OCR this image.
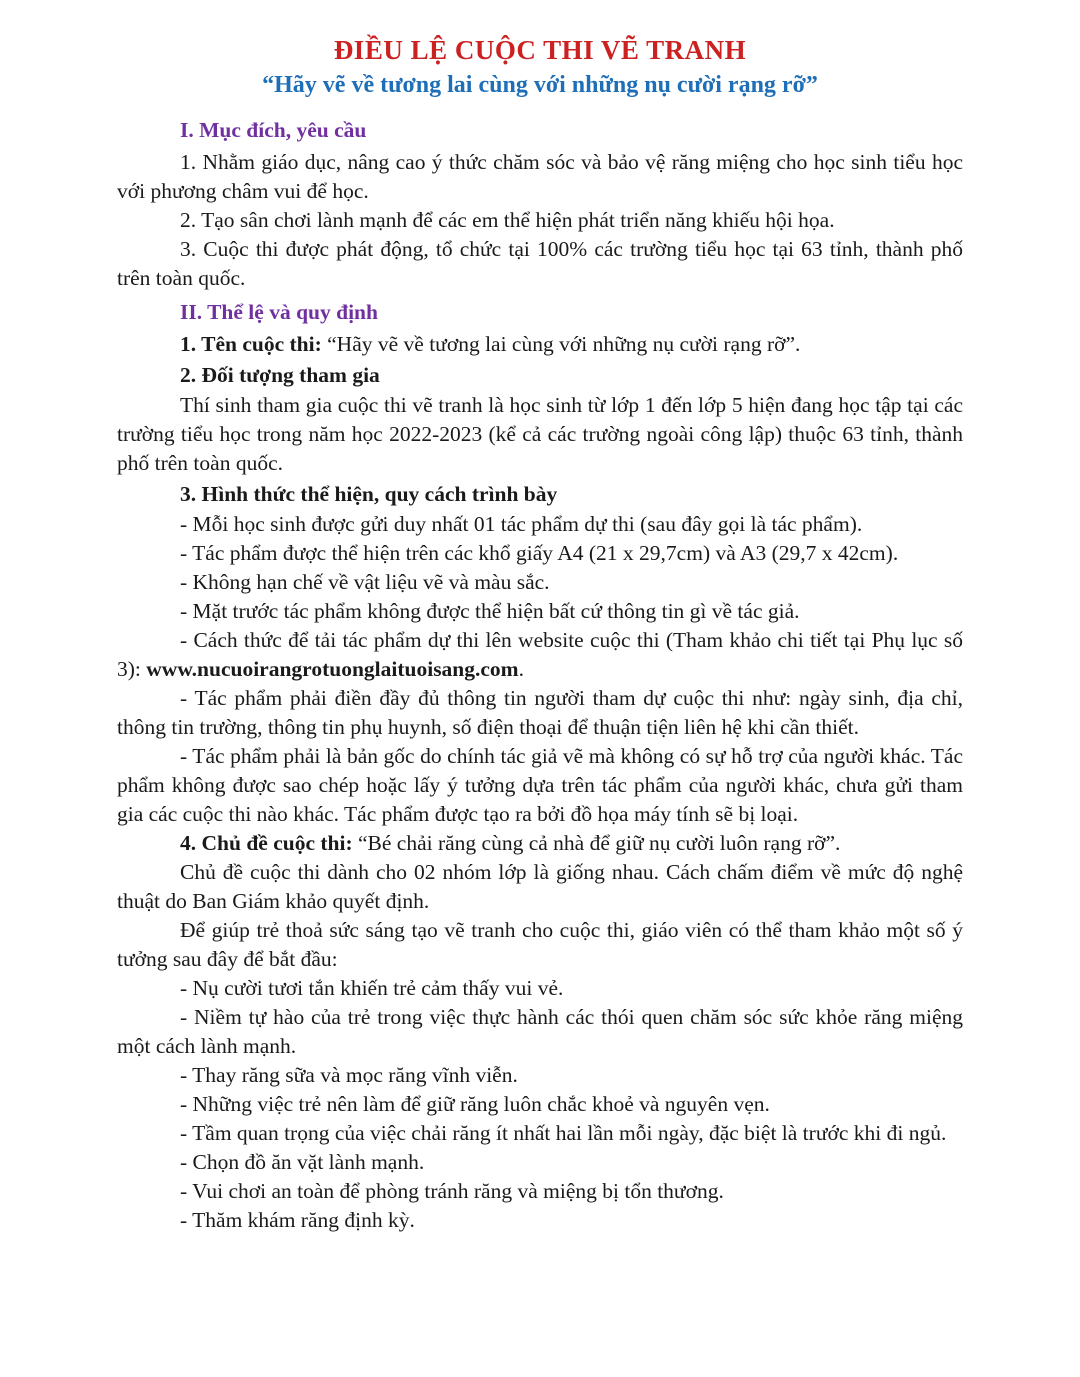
ĐIỀU LỆ CUỘC THI VẼ TRANH
“Hãy vẽ về tương lai cùng với những nụ cười rạng rỡ”

I. Mục đích, yêu cầu

1. Nhằm giáo dục, nâng cao ý thức chăm sóc và bảo vệ răng miệng cho học sinh tiểu học với phương châm vui để học.

2. Tạo sân chơi lành mạnh để các em thể hiện phát triển năng khiếu hội họa.

3. Cuộc thi được phát động, tổ chức tại 100% các trường tiểu học tại 63 tỉnh, thành phố trên toàn quốc.

II. Thể lệ và quy định

1. Tên cuộc thi: “Hãy vẽ về tương lai cùng với những nụ cười rạng rỡ”.

2. Đối tượng tham gia

Thí sinh tham gia cuộc thi vẽ tranh là học sinh từ lớp 1 đến lớp 5 hiện đang học tập tại các trường tiểu học trong năm học 2022-2023 (kể cả các trường ngoài công lập) thuộc 63 tỉnh, thành phố trên toàn quốc.

3. Hình thức thể hiện, quy cách trình bày

- Mỗi học sinh được gửi duy nhất 01 tác phẩm dự thi (sau đây gọi là tác phẩm).

- Tác phẩm được thể hiện trên các khổ giấy A4 (21 x 29,7cm) và A3 (29,7 x 42cm).

- Không hạn chế về vật liệu vẽ và màu sắc.

- Mặt trước tác phẩm không được thể hiện bất cứ thông tin gì về tác giả.

- Cách thức để tải tác phẩm dự thi lên website cuộc thi (Tham khảo chi tiết tại Phụ lục số 3): www.nucuoirangrotuonglaituoisang.com.

- Tác phẩm phải điền đầy đủ thông tin người tham dự cuộc thi như: ngày sinh, địa chỉ, thông tin trường, thông tin phụ huynh, số điện thoại để thuận tiện liên hệ khi cần thiết.

- Tác phẩm phải là bản gốc do chính tác giả vẽ mà không có sự hỗ trợ của người khác. Tác phẩm không được sao chép hoặc lấy ý tưởng dựa trên tác phẩm của người khác, chưa gửi tham gia các cuộc thi nào khác. Tác phẩm được tạo ra bởi đồ họa máy tính sẽ bị loại.

4. Chủ đề cuộc thi: “Bé chải răng cùng cả nhà để giữ nụ cười luôn rạng rỡ”.

Chủ đề cuộc thi dành cho 02 nhóm lớp là giống nhau. Cách chấm điểm về mức độ nghệ thuật do Ban Giám khảo quyết định.

Để giúp trẻ thoả sức sáng tạo vẽ tranh cho cuộc thi, giáo viên có thể tham khảo một số ý tưởng sau đây để bắt đầu:

- Nụ cười tươi tắn khiến trẻ cảm thấy vui vẻ.

- Niềm tự hào của trẻ trong việc thực hành các thói quen chăm sóc sức khỏe răng miệng một cách lành mạnh.

- Thay răng sữa và mọc răng vĩnh viễn.

- Những việc trẻ nên làm để giữ răng luôn chắc khoẻ và nguyên vẹn.

- Tầm quan trọng của việc chải răng ít nhất hai lần mỗi ngày, đặc biệt là trước khi đi ngủ.

- Chọn đồ ăn vặt lành mạnh.

- Vui chơi an toàn để phòng tránh răng và miệng bị tổn thương.

- Thăm khám răng định kỳ.
